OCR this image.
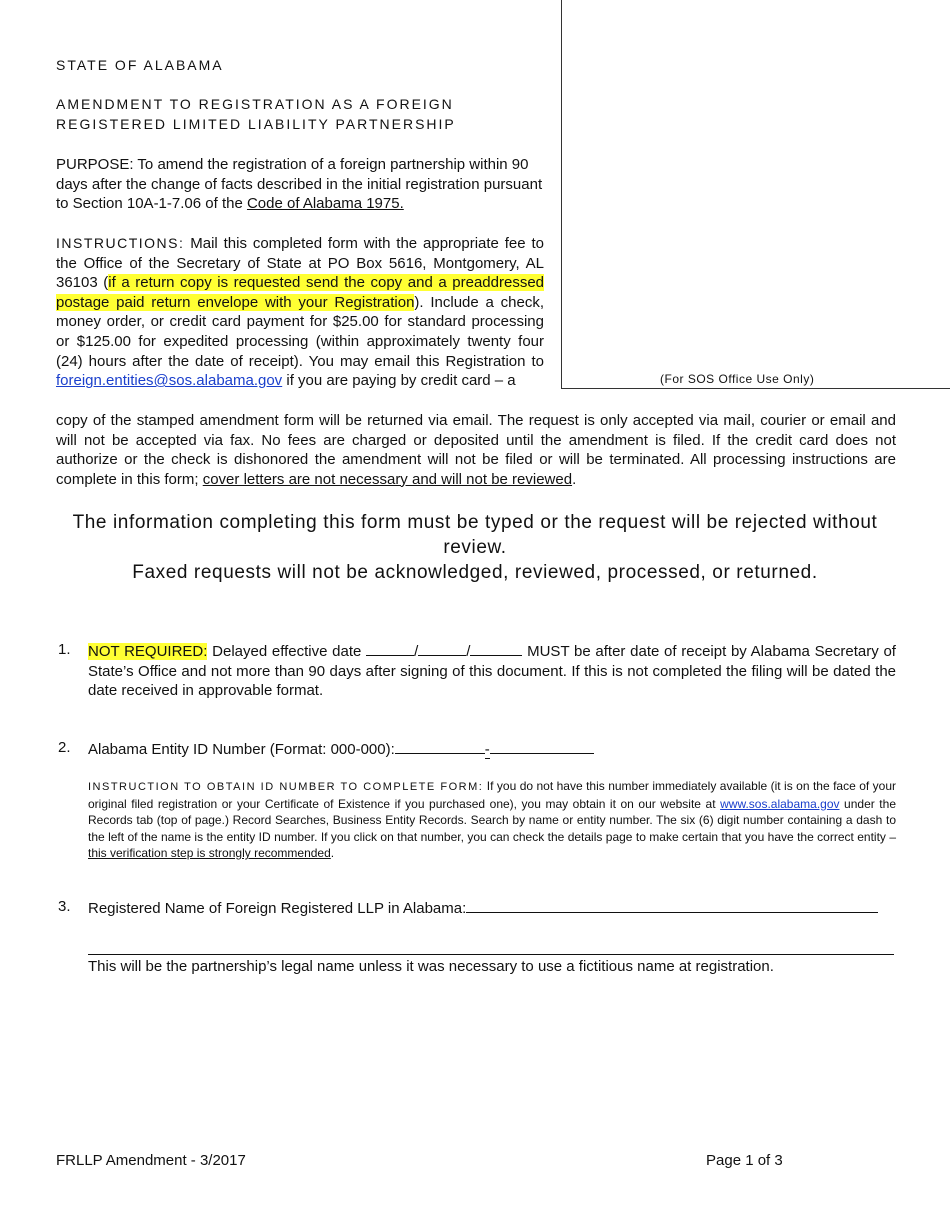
(For SOS Office Use Only)
STATE OF ALABAMA
AMENDMENT TO REGISTRATION AS A FOREIGN
REGISTERED LIMITED LIABILITY PARTNERSHIP
PURPOSE: To amend the registration of a foreign partnership within 90 days after the change of facts described in the initial registration pursuant to Section 10A-1-7.06 of the Code of Alabama 1975.
INSTRUCTIONS: Mail this completed form with the appropriate fee to the Office of the Secretary of State at PO Box 5616, Montgomery, AL 36103 (if a return copy is requested send the copy and a preaddressed postage paid return envelope with your Registration). Include a check, money order, or credit card payment for $25.00 for standard processing or $125.00 for expedited processing (within approximately twenty four (24) hours after the date of receipt). You may email this Registration to foreign.entities@sos.alabama.gov if you are paying by credit card – a
copy of the stamped amendment form will be returned via email. The request is only accepted via mail, courier or email and will not be accepted via fax. No fees are charged or deposited until the amendment is filed. If the credit card does not authorize or the check is dishonored the amendment will not be filed or will be terminated. All processing instructions are complete in this form; cover letters are not necessary and will not be reviewed.
The information completing this form must be typed or the request will be rejected without review.
Faxed requests will not be acknowledged, reviewed, processed, or returned.
1. NOT REQUIRED: Delayed effective date	/	/	MUST be after date of receipt by Alabama Secretary of State’s Office and not more than 90 days after signing of this document. If this is not completed the filing will be dated the date received in approvable format.
2. Alabama Entity ID Number (Format: 000-000):	-
INSTRUCTION TO OBTAIN ID NUMBER TO COMPLETE FORM: If you do not have this number immediately available (it is on the face of your original filed registration or your Certificate of Existence if you purchased one), you may obtain it on our website at www.sos.alabama.gov under the Records tab (top of page.) Record Searches, Business Entity Records. Search by name or entity number. The six (6) digit number containing a dash to the left of the name is the entity ID number. If you click on that number, you can check the details page to make certain that you have the correct entity – this verification step is strongly recommended.
3. Registered Name of Foreign Registered LLP in Alabama:
This will be the partnership’s legal name unless it was necessary to use a fictitious name at registration.
FRLLP Amendment - 3/2017	Page 1 of 3
